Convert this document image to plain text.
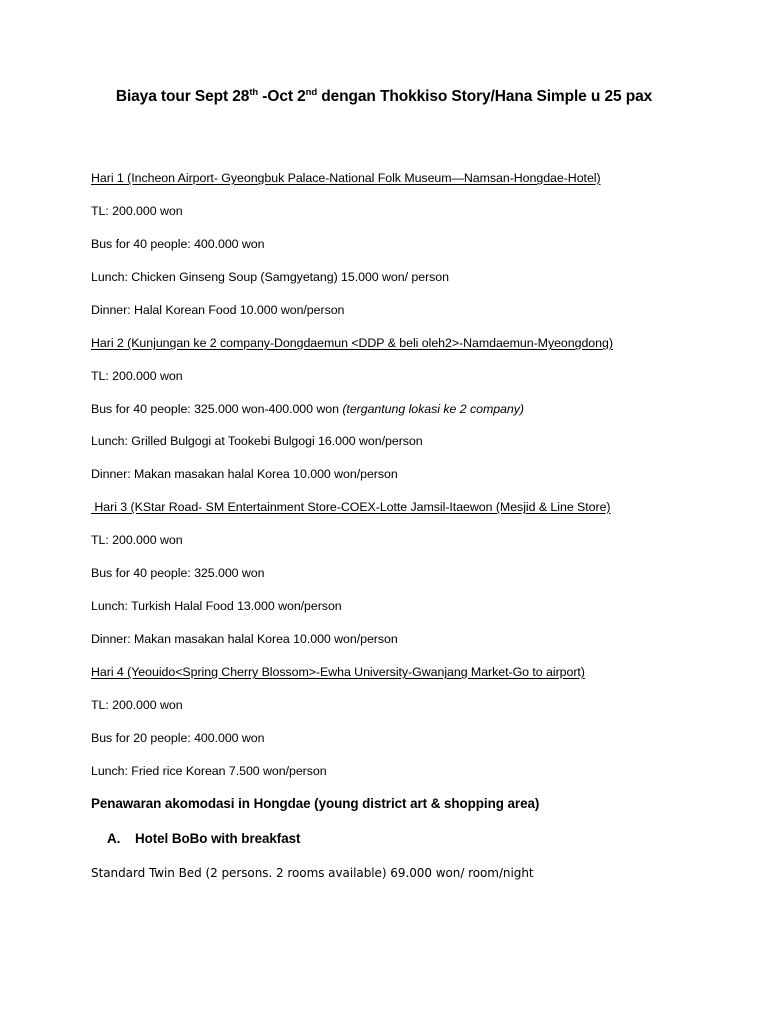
Biaya tour Sept 28th -Oct 2nd dengan Thokkiso Story/Hana Simple u 25 pax
Hari 1 (Incheon Airport- Gyeongbuk Palace-National Folk Museum—Namsan-Hongdae-Hotel)
TL: 200.000 won
Bus for 40 people: 400.000 won
Lunch: Chicken Ginseng Soup (Samgyetang) 15.000 won/ person
Dinner: Halal Korean Food 10.000 won/person
Hari 2 (Kunjungan ke 2 company-Dongdaemun <DDP & beli oleh2>-Namdaemun-Myeongdong)
TL: 200.000 won
Bus for 40 people: 325.000 won-400.000 won (tergantung lokasi ke 2 company)
Lunch: Grilled Bulgogi at Tookebi Bulgogi 16.000 won/person
Dinner: Makan masakan halal Korea 10.000 won/person
Hari 3 (KStar Road- SM Entertainment Store-COEX-Lotte Jamsil-Itaewon (Mesjid & Line Store)
TL: 200.000 won
Bus for 40 people: 325.000 won
Lunch: Turkish Halal Food 13.000 won/person
Dinner: Makan masakan halal Korea 10.000 won/person
Hari 4 (Yeouido<Spring Cherry Blossom>-Ewha University-Gwanjang Market-Go to airport)
TL: 200.000 won
Bus for 20 people: 400.000 won
Lunch: Fried rice Korean 7.500 won/person
Penawaran akomodasi in Hongdae (young district art & shopping area)
A. Hotel BoBo with breakfast
Standard Twin Bed (2 persons. 2 rooms available) 69.000 won/ room/night
